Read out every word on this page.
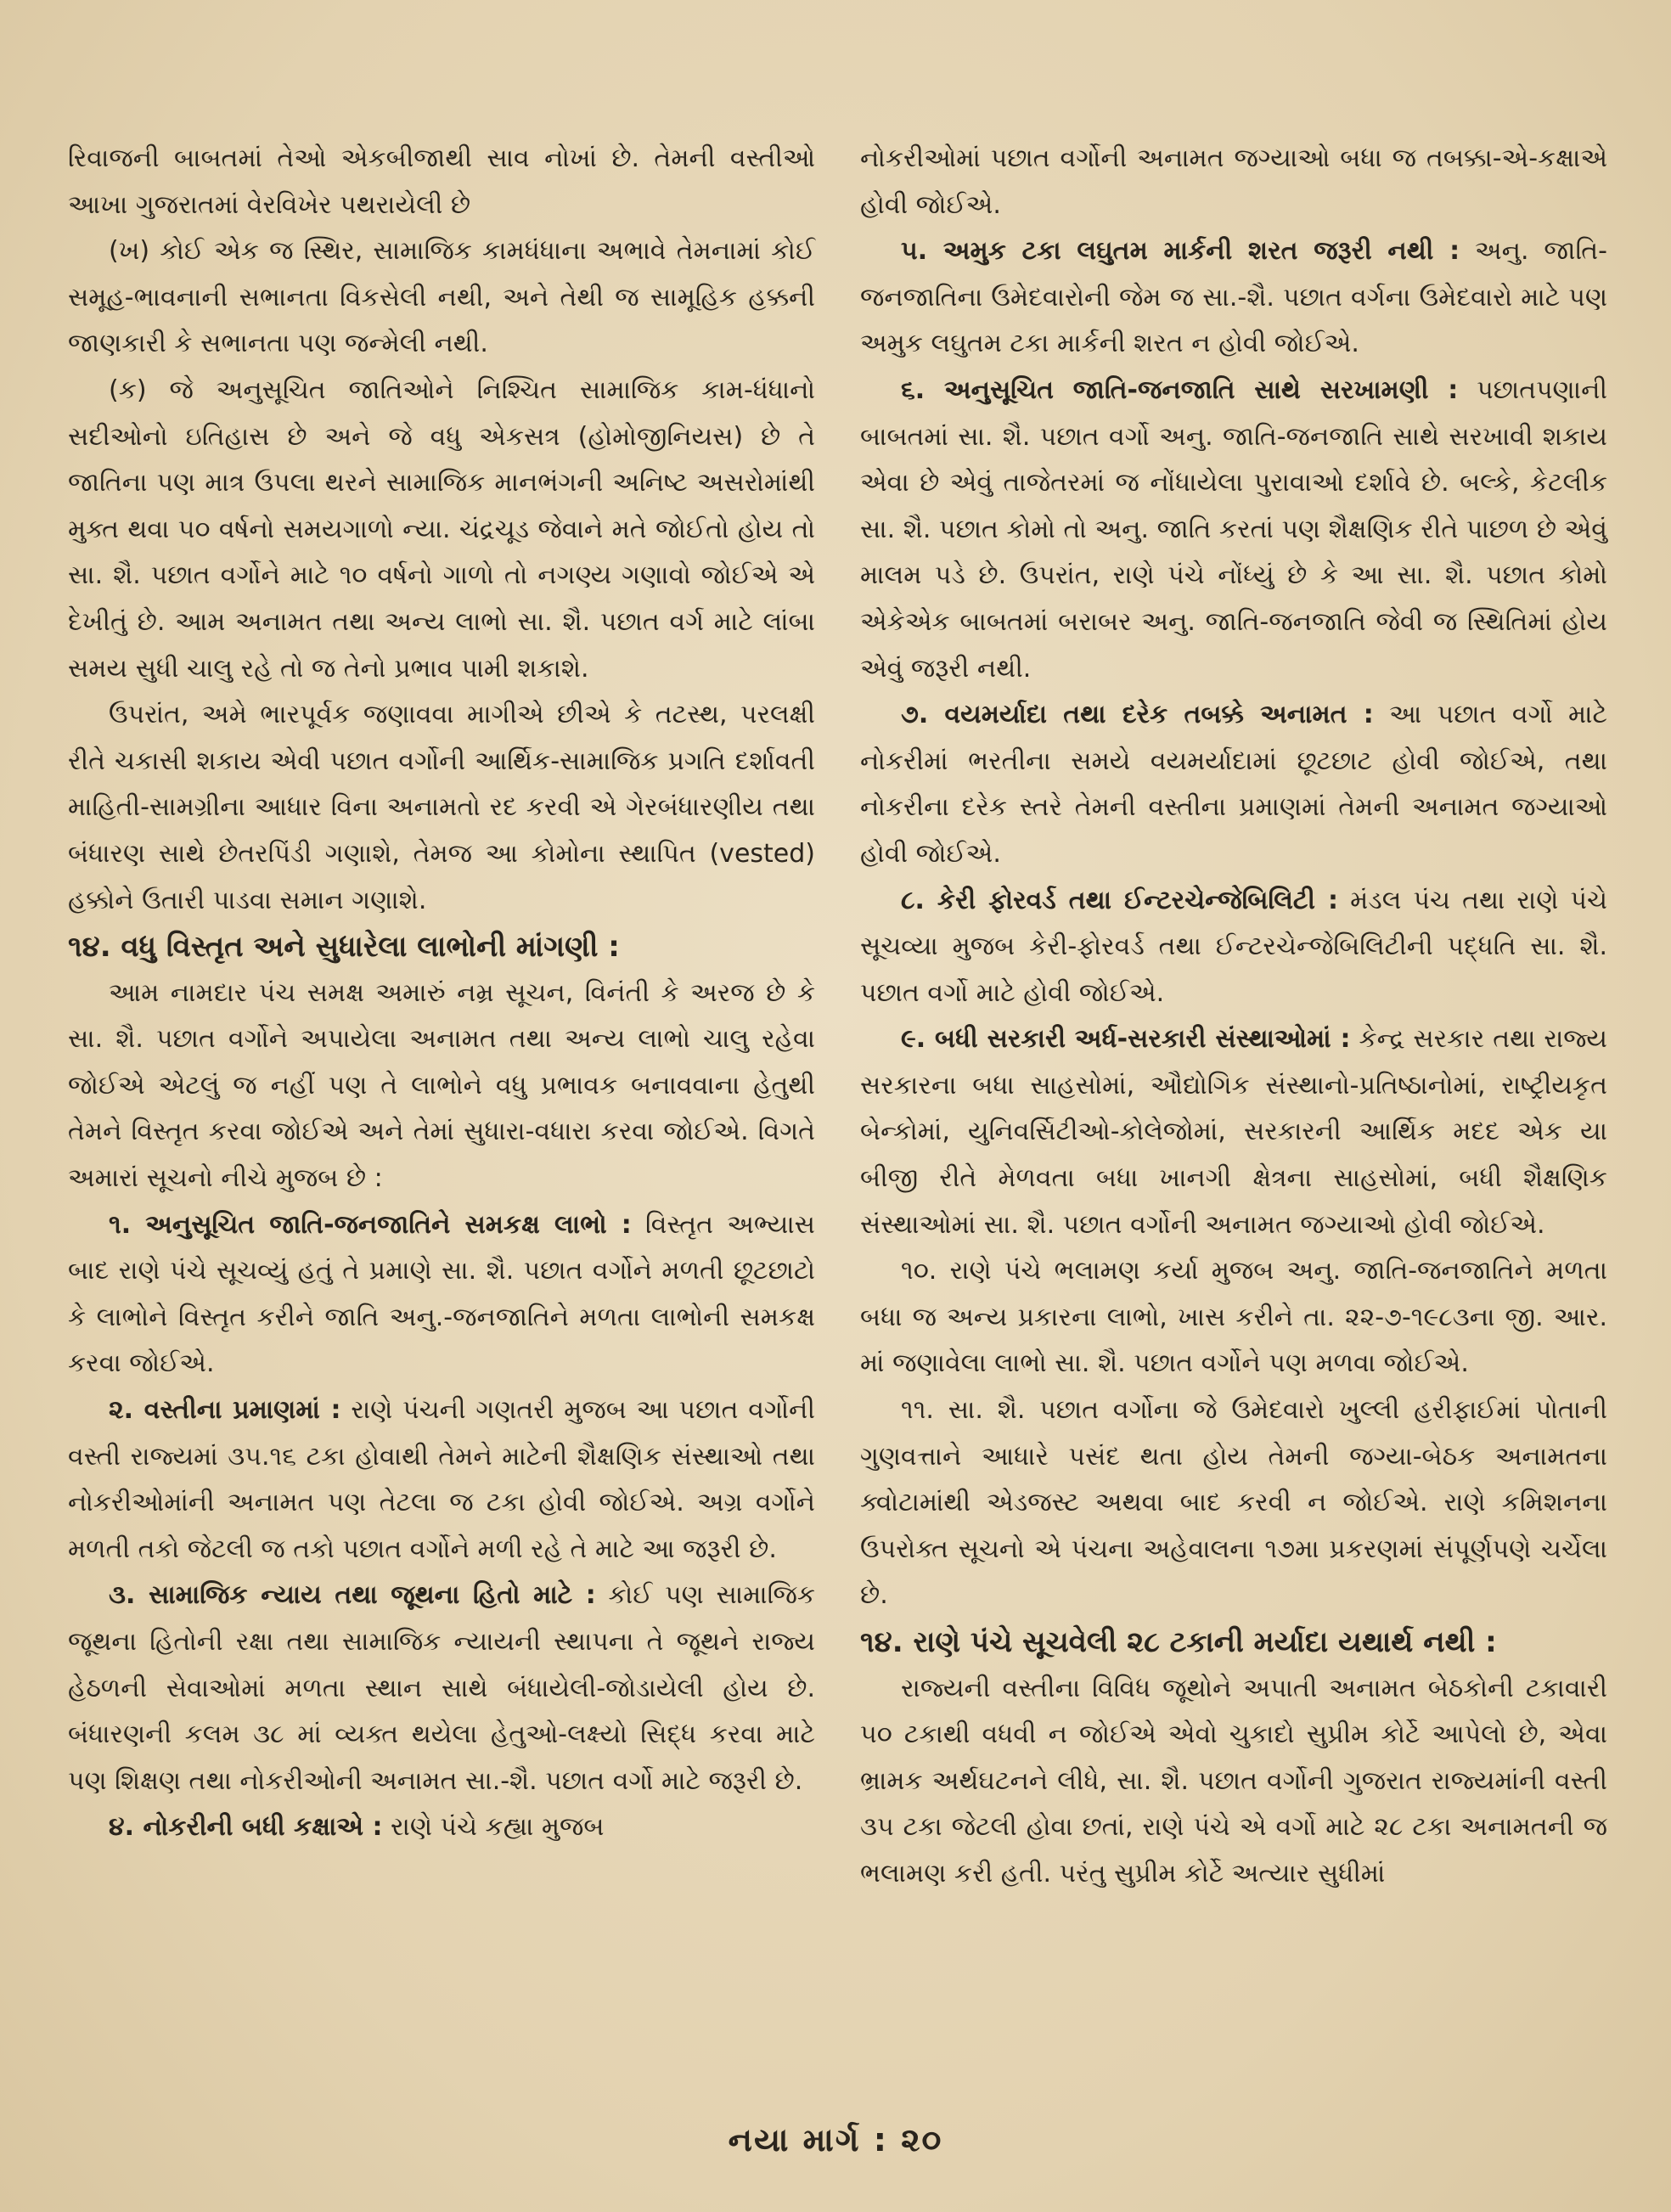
રિવાજની બાબતમાં તેઓ એકબીજાથી સાવ નોખાં છે. તેમની વસ્તીઓ આખા ગુજરાતમાં વેરવિખેર પથરાયેલી છે

(ખ) કોઈ એક જ સ્થિર, સામાજિક કામધંધાના અભાવે તેમનામાં કોઈ સમૂહ-ભાવનાની સભાનતા વિકસેલી નથી, અને તેથી જ સામૂહિક હક્કની જાણકારી કે સભાનતા પણ જન્મેલી નથી.

(ક) જે અનુસૂચિત જાતિઓને નિશ્ચિત સામાજિક કામ-ધંધાનો સદીઓનો ઇતિહાસ છે અને જે વધુ એકસત્ર (હોમોજીનિયસ) છે તે જાતિના પણ માત્ર ઉપલા થરને સામાજિક માનભંગની અનિષ્ટ અસરોમાંથી મુક્ત થવા ૫૦ વર્ષનો સમયગાળો ન્યા. ચંદ્રચૂડ જેવાને મતે જોઈતો હોય તો સા. શૈ. પછાત વર્ગોને માટે ૧૦ વર્ષનો ગાળો તો નગણ્ય ગણાવો જોઈએ એ દેખીતું છે. આમ અનામત તથા અન્ય લાભો સા. શૈ. પછાત વર્ગ માટે લાંબા સમય સુધી ચાલુ રહે તો જ તેનો પ્રભાવ પામી શકાશે.

ઉપરાંત, અમે ભારપૂર્વક જણાવવા માગીએ છીએ કે તટસ્થ, પરલક્ષી રીતે ચકાસી શકાય એવી પછાત વર્ગોની આર્થિક-સામાજિક પ્રગતિ દર્શાવતી માહિતી-સામગ્રીના આધાર વિના અનામતો રદ કરવી એ ગેરબંધારણીય તથા બંધારણ સાથે છેતરપિંડી ગણાશે, તેમજ આ કોમોના સ્થાપિત (vested) હક્કોને ઉતારી પાડવા સમાન ગણાશે.

૧૪. વધુ વિસ્તૃત અને સુધારેલા લાભોની માંગણી :

આમ નામદાર પંચ સમક્ષ અમારું નમ્ર સૂચન, વિનંતી કે અરજ છે કે સા. શૈ. પછાત વર્ગોને અપાયેલા અનામત તથા અન્ય લાભો ચાલુ રહેવા જોઈએ એટલું જ નહીં પણ તે લાભોને વધુ પ્રભાવક બનાવવાના હેતુથી તેમને વિસ્તૃત કરવા જોઈએ અને તેમાં સુધારા-વધારા કરવા જોઈએ. વિગતે અમારાં સૂચનો નીચે મુજબ છે :

૧. અનુસૂચિત જાતિ-જનજાતિને સમકક્ષ લાભો : વિસ્તૃત અભ્યાસ બાદ રાણે પંચે સૂચવ્યું હતું તે પ્રમાણે સા. શૈ. પછાત વર્ગોને મળતી છૂટછાટો કે લાભોને વિસ્તૃત કરીને જાતિ અનુ.-જનજાતિને મળતા લાભોની સમકક્ષ કરવા જોઈએ.

૨. વસ્તીના પ્રમાણમાં : રાણે પંચની ગણતરી મુજબ આ પછાત વર્ગોની વસ્તી રાજ્યમાં ૩૫.૧૬ ટકા હોવાથી તેમને માટેની શૈક્ષણિક સંસ્થાઓ તથા નોકરીઓમાંની અનામત પણ તેટલા જ ટકા હોવી જોઈએ. અગ્ર વર્ગોને મળતી તકો જેટલી જ તકો પછાત વર્ગોને મળી રહે તે માટે આ જરૂરી છે.

૩. સામાજિક ન્યાય તથા જૂથના હિતો માટે : કોઈ પણ સામાજિક જૂથના હિતોની રક્ષા તથા સામાજિક ન્યાયની સ્થાપના તે જૂથને રાજ્ય હેઠળની સેવાઓમાં મળતા સ્થાન સાથે બંધાયેલી-જોડાયેલી હોય છે. બંધારણની કલમ ૩૮ માં વ્યક્ત થયેલા હેતુઓ-લક્ષ્યો સિદ્ધ કરવા માટે પણ શિક્ષણ તથા નોકરીઓની અનામત સા.-શૈ. પછાત વર્ગો માટે જરૂરી છે.

૪. નોકરીની બધી કક્ષાએ : રાણે પંચે કહ્યા મુજબ

નોકરીઓમાં પછાત વર્ગોની અનામત જગ્યાઓ બધા જ તબક્કા-એ-કક્ષાએ હોવી જોઈએ.

૫. અમુક ટકા લઘુતમ માર્કની શરત જરૂરી નથી : અનુ. જાતિ-જનજાતિના ઉમેદવારોની જેમ જ સા.-શૈ. પછાત વર્ગના ઉમેદવારો માટે પણ અમુક લઘુતમ ટકા માર્કની શરત ન હોવી જોઈએ.

૬. અનુસૂચિત જાતિ-જનજાતિ સાથે સરખામણી : પછાતપણાની બાબતમાં સા. શૈ. પછાત વર્ગો અનુ. જાતિ-જનજાતિ સાથે સરખાવી શકાય એવા છે એવું તાજેતરમાં જ નોંધાયેલા પુરાવાઓ દર્શાવે છે. બલ્કે, કેટલીક સા. શૈ. પછાત કોમો તો અનુ. જાતિ કરતાં પણ શૈક્ષણિક રીતે પાછળ છે એવું માલમ પડે છે. ઉપરાંત, રાણે પંચે નોંધ્યું છે કે આ સા. શૈ. પછાત કોમો એકેએક બાબતમાં બરાબર અનુ. જાતિ-જનજાતિ જેવી જ સ્થિતિમાં હોય એવું જરૂરી નથી.

૭. વયમર્યાદા તથા દરેક તબક્કે અનામત : આ પછાત વર્ગો માટે નોકરીમાં ભરતીના સમયે વયમર્યાદામાં છૂટછાટ હોવી જોઈએ, તથા નોકરીના દરેક સ્તરે તેમની વસ્તીના પ્રમાણમાં તેમની અનામત જગ્યાઓ હોવી જોઈએ.

૮. કેરી ફોરવર્ડ તથા ઈન્ટરચેન્જેબિલિટી : મંડલ પંચ તથા રાણે પંચે સૂચવ્યા મુજબ કેરી-ફોરવર્ડ તથા ઈન્ટરચેન્જેબિલિટીની પદ્ધતિ સા. શૈ. પછાત વર્ગો માટે હોવી જોઈએ.

૯. બધી સરકારી અર્ધ-સરકારી સંસ્થાઓમાં : કેન્દ્ર સરકાર તથા રાજ્ય સરકારના બધા સાહસોમાં, ઔદ્યોગિક સંસ્થાનો-પ્રતિષ્ઠાનોમાં, રાષ્ટ્રીયકૃત બેન્કોમાં, યુનિવર્સિટીઓ-કોલેજોમાં, સરકારની આર્થિક મદદ એક યા બીજી રીતે મેળવતા બધા ખાનગી ક્ષેત્રના સાહસોમાં, બધી શૈક્ષણિક સંસ્થાઓમાં સા. શૈ. પછાત વર્ગોની અનામત જગ્યાઓ હોવી જોઈએ.

૧૦. રાણે પંચે ભલામણ કર્યા મુજબ અનુ. જાતિ-જનજાતિને મળતા બધા જ અન્ય પ્રકારના લાભો, ખાસ કરીને તા. ૨૨-૭-૧૯૮૩ના જી. આર. માં જણાવેલા લાભો સા. શૈ. પછાત વર્ગોને પણ મળવા જોઈએ.

૧૧. સા. શૈ. પછાત વર્ગોના જે ઉમેદવારો ખુલ્લી હરીફાઈમાં પોતાની ગુણવત્તાને આધારે પસંદ થતા હોય તેમની જગ્યા-બેઠક અનામતના ક્વોટામાંથી એડજસ્ટ અથવા બાદ કરવી ન જોઈએ. રાણે કમિશનના ઉપરોક્ત સૂચનો એ પંચના અહેવાલના ૧૭મા પ્રકરણમાં સંપૂર્ણપણે ચર્ચેલા છે.

૧૪. રાણે પંચે સૂચવેલી ૨૮ ટકાની મર્યાદા યથાર્થ નથી :

રાજ્યની વસ્તીના વિવિધ જૂથોને અપાતી અનામત બેઠકોની ટકાવારી ૫૦ ટકાથી વધવી ન જોઈએ એવો ચુકાદો સુપ્રીમ કોર્ટે આપેલો છે, એવા ભ્રામક અર્થઘટનને લીધે, સા. શૈ. પછાત વર્ગોની ગુજરાત રાજ્યમાંની વસ્તી ૩૫ ટકા જેટલી હોવા છતાં, રાણે પંચે એ વર્ગો માટે ૨૮ ટકા અનામતની જ ભલામણ કરી હતી. પરંતુ સુપ્રીમ કોર્ટે અત્યાર સુધીમાં

નયા માર્ગ : ૨૦
